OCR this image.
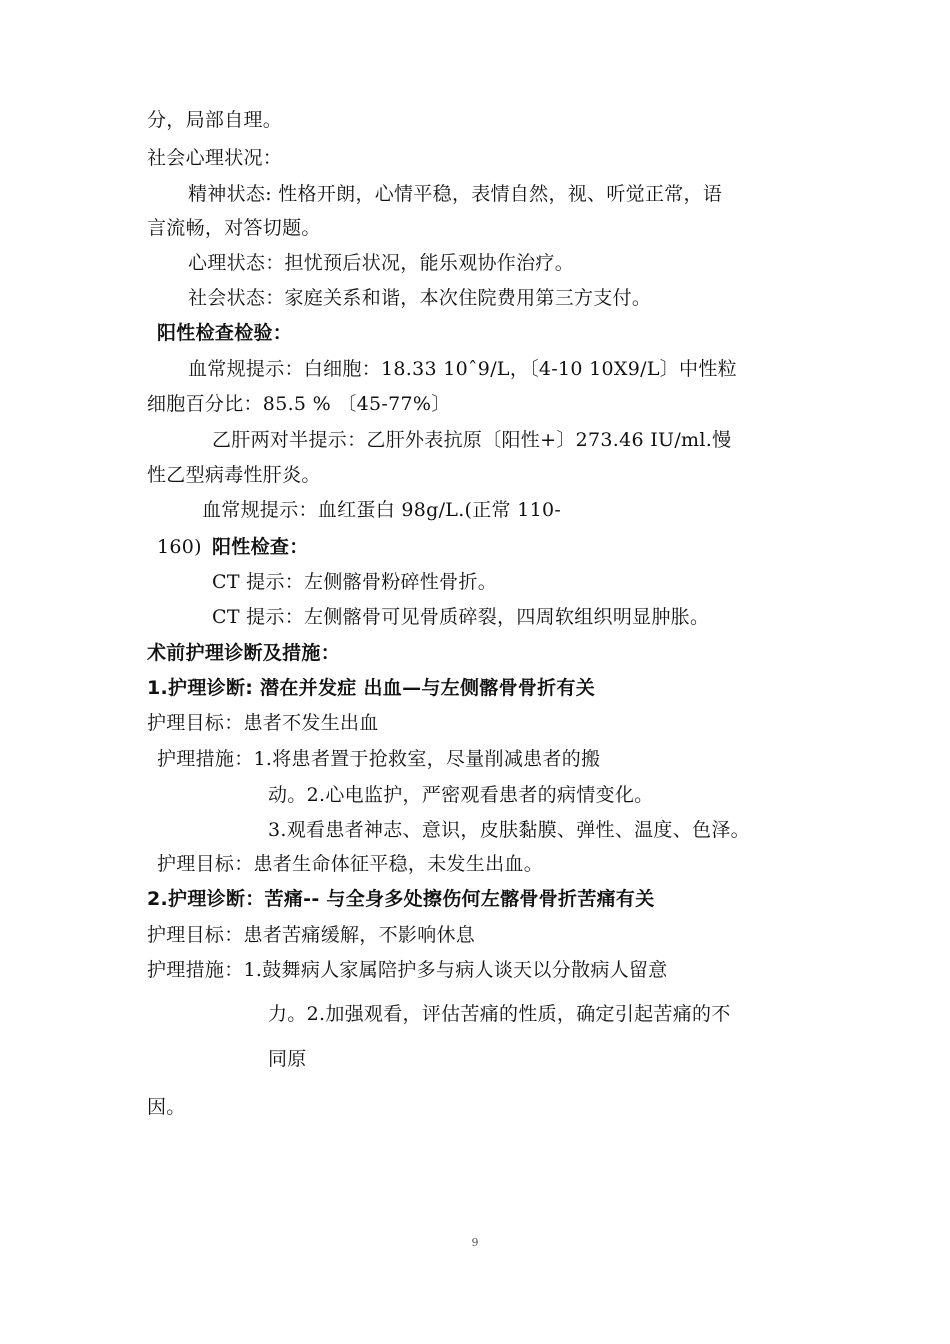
分，局部自理。
社会心理状况：
精神状态: 性格开朗，心情平稳，表情自然，视、听觉正常，语
言流畅，对答切题。
心理状态：担忧预后状况，能乐观协作治疗。
社会状态：家庭关系和谐，本次住院费用第三方支付。
阳性检查检验：
血常规提示：白细胞：18.33 10ˆ9/L，〔4-10 10X9/L〕中性粒
细胞百分比：85.5 % 〔45-77%〕
乙肝两对半提示：乙肝外表抗原〔阳性+〕273.46 IU/ml.慢
性乙型病毒性肝炎。
血常规提示：血红蛋白 98g/L.(正常 110-
160) 阳性检查：
CT 提示：左侧髂骨粉碎性骨折。
CT 提示：左侧髂骨可见骨质碎裂，四周软组织明显肿胀。
术前护理诊断及措施：
1.护理诊断: 潜在并发症 出血—与左侧髂骨骨折有关
护理目标：患者不发生出血
护理措施：1.将患者置于抢救室，尽量削减患者的搬
动。2.心电监护，严密观看患者的病情变化。
3.观看患者神志、意识，皮肤黏膜、弹性、温度、色泽。
护理目标：患者生命体征平稳，未发生出血。
2.护理诊断：苦痛-- 与全身多处擦伤何左髂骨骨折苦痛有关
护理目标：患者苦痛缓解，不影响休息
护理措施：1.鼓舞病人家属陪护多与病人谈天以分散病人留意
力。2.加强观看，评估苦痛的性质，确定引起苦痛的不
同原
因。
9
